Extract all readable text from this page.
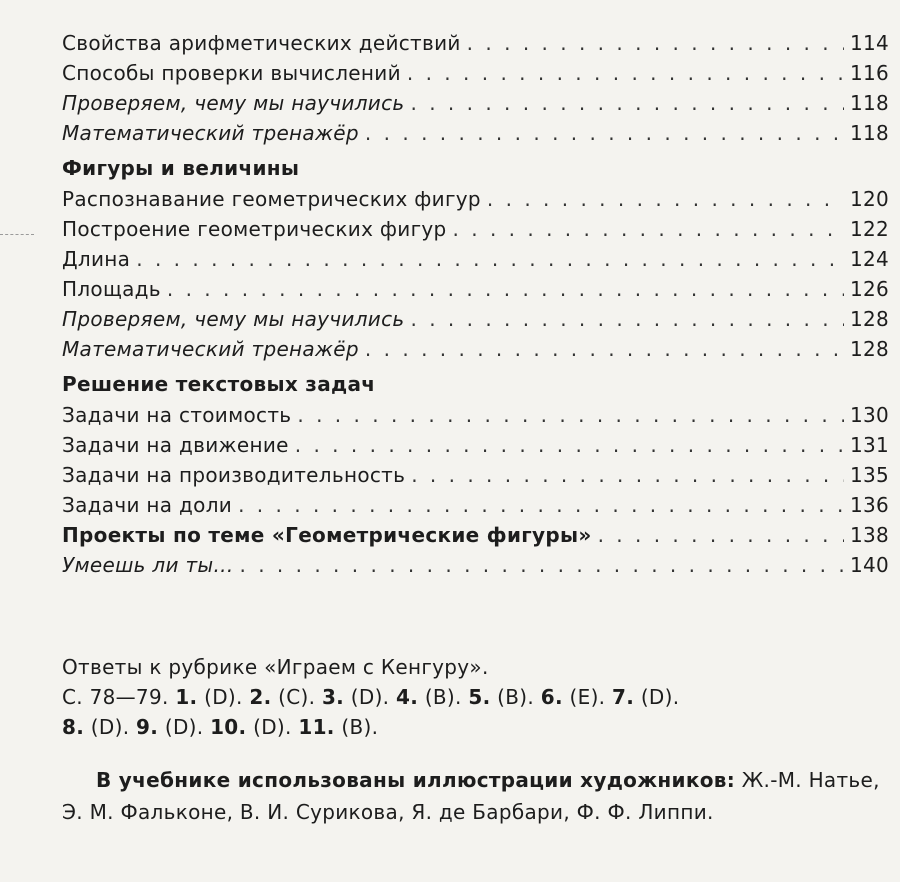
Свойства арифметических действий . . .	114
Способы проверки вычислений . . .	116
Проверяем, чему мы научились . . .	118
Математический тренажёр . . .	118
Фигуры и величины
Распознавание геометрических фигур . . .	120
Построение геометрических фигур . . .	122
Длина . . .	124
Площадь . . .	126
Проверяем, чему мы научились . . .	128
Математический тренажёр . . .	128
Решение текстовых задач
Задачи на стоимость . . .	130
Задачи на движение . . .	131
Задачи на производительность . . .	135
Задачи на доли . . .	136
Проекты по теме «Геометрические фигуры» . . .	138
Умеешь ли ты... . . .	140
Ответы к рубрике «Играем с Кенгуру».
С. 78—79. 1. (D). 2. (C). 3. (D). 4. (B). 5. (B). 6. (E). 7. (D).
8. (D). 9. (D). 10. (D). 11. (B).
В учебнике использованы иллюстрации художников: Ж.-М. Натье,
Э. М. Фальконе, В. И. Сурикова, Я. де Барбари, Ф. Ф. Липпи.
